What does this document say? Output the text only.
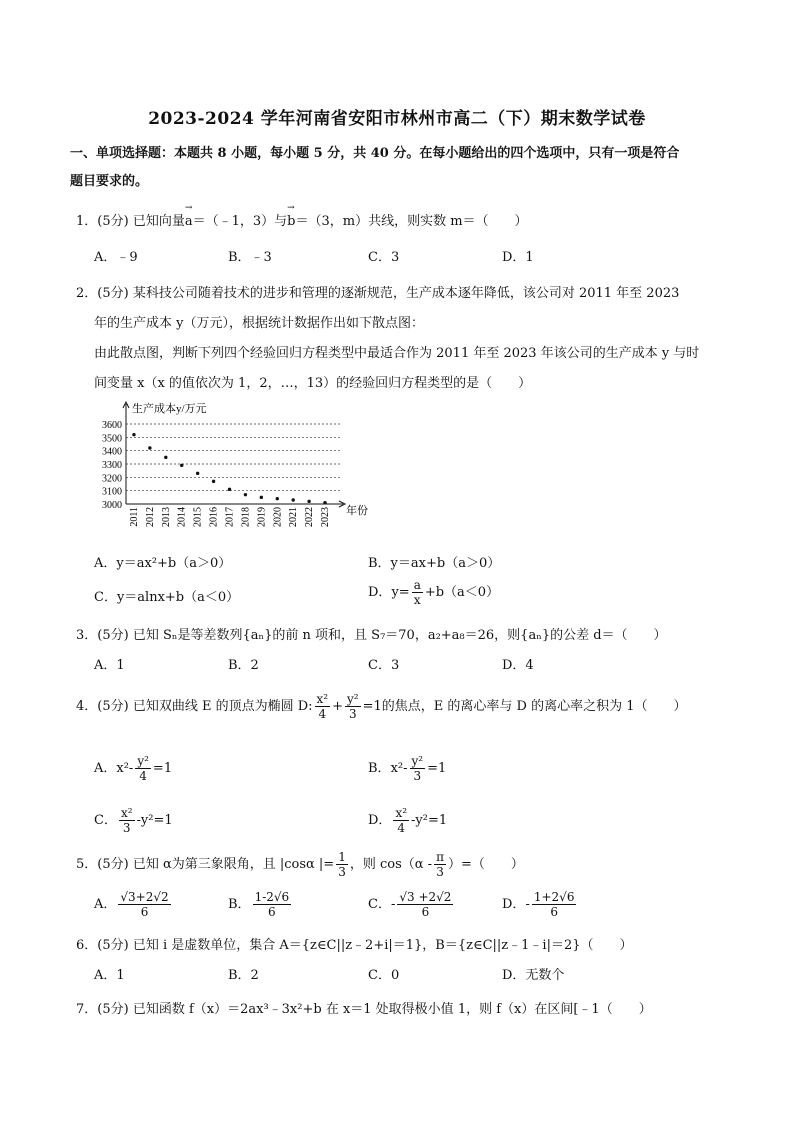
2023-2024 学年河南省安阳市林州市高二（下）期末数学试卷
一、单项选择题：本题共 8 小题，每小题 5 分，共 40 分。在每小题给出的四个选项中，只有一项是符合
题目要求的。
1．(5分) 已知向量→ a＝（﹣1，3）与→ b＝（3，m）共线，则实数 m＝（　　）
A．﹣9	B．﹣3	C．3	D．1
2．(5分) 某科技公司随着技术的进步和管理的逐渐规范，生产成本逐年降低，该公司对 2011 年至 2023
年的生产成本 y（万元），根据统计数据作出如下散点图：
由此散点图，判断下列四个经验回归方程类型中最适合作为 2011 年至 2023 年该公司的生产成本 y 与时
间变量 x（x 的值依次为 1，2，…，13）的经验回归方程类型的是（　　）
3000
3100
3200
3300
3400
3500
3600
2011 2012 2013 2014 2015 2016 2017 2018 2019 2020 2021 2022 2023
生产成本y/万元
年份
A．y＝ax²+b（a＞0）	B．y＝ax+b（a＞0）
C．y＝alnx+b（a＜0）	D．$y= \frac{a}{x} +b(a<0)$
3．(5分) 已知 Sₙ是等差数列{aₙ}的前 n 项和，且 S₇＝70，a₂+a₈＝26，则{aₙ}的公差 d＝（　　）
A．1	B．2	C．3	D．4
4．(5分) 已知双曲线 E 的顶点为椭圆 D: $\frac{\text{x²}}{4} + \frac{\text{y²}}{3} =1$的焦点，E 的离心率与 D 的离心率之积为 1（　　）
A．$x^2- \frac{\text{y²}}{4} =1$	B．$x^2- \frac{\text{y²}}{3} =1$
C． $\frac{\text{x²}}{3} -y^2=1$	D． $\frac{\text{x²}}{4} -y^2=1$
5．(5分) 已知 α为第三象限角，且 |cosα |= $\frac{1}{3}$ ，则 $\cos(\alpha - \frac{\pi}{3}$ ）=（　　）
A． $\frac{√3+2√2}{6}$	B． $\frac{1-2√6}{6}$	C．- $\frac{√3 +2√2}{6}$	D．- $\frac{1+2√6}{6}$
6．(5分) 已知 i 是虚数单位，集合 A＝{z∈C||z﹣2+i|＝1}，B＝{z∈C||z﹣1﹣i|＝2}（　　）
A．1	B．2	C．0	D．无数个
7．(5分) 已知函数 f（x）＝2ax³﹣3x²+b 在 x＝1 处取得极小值 1，则 f（x）在区间[﹣1（　　）
